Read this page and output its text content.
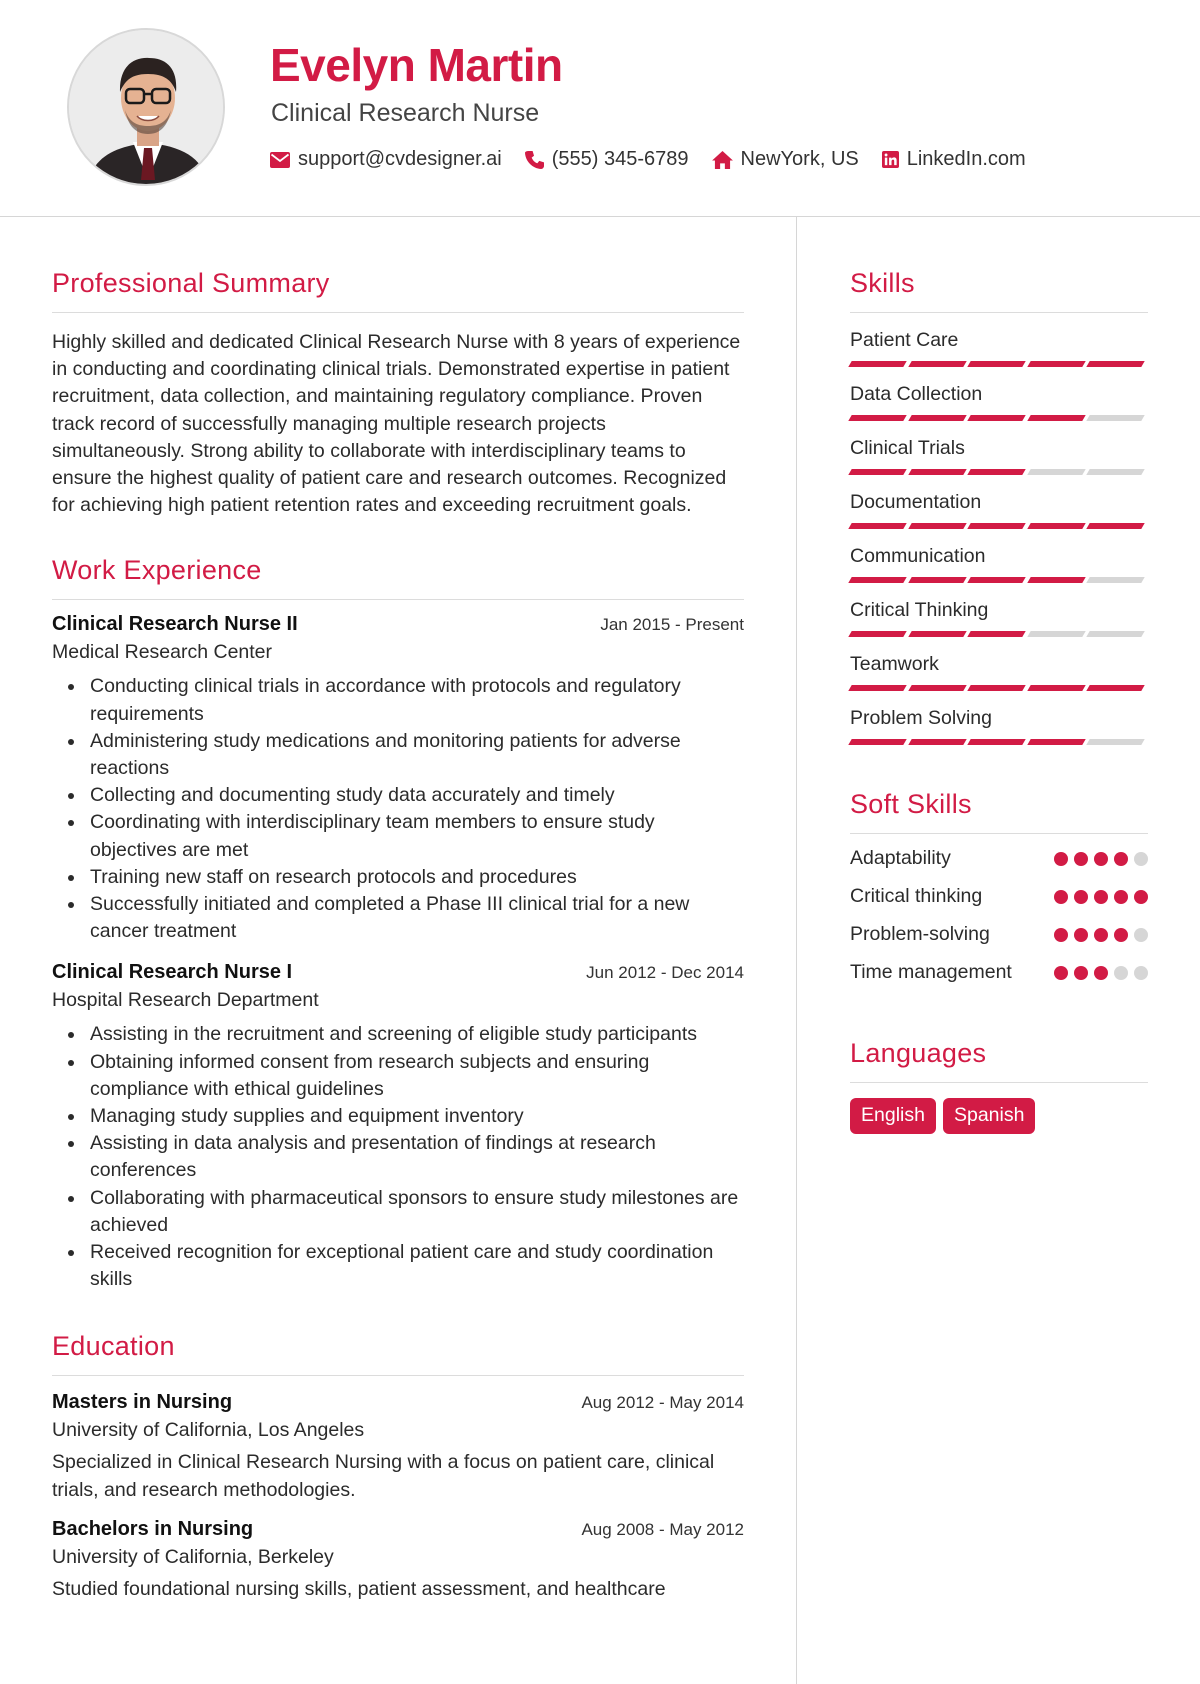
Evelyn Martin
Clinical Research Nurse
support@cvdesigner.ai	(555) 345-6789	NewYork, US LinkedIn.com
Professional Summary

Highly skilled and dedicated Clinical Research Nurse with 8 years of experience in conducting and coordinating clinical trials. Demonstrated expertise in patient recruitment, data collection, and maintaining regulatory compliance. Proven track record of successfully managing multiple research projects simultaneously. Strong ability to collaborate with interdisciplinary teams to ensure the highest quality of patient care and research outcomes. Recognized for achieving high patient retention rates and exceeding recruitment goals.

Work Experience
Clinical Research Nurse II	Jan 2015 - Present
Medical Research Center
Conducting clinical trials in accordance with protocols and regulatory requirements
Administering study medications and monitoring patients for adverse reactions
Collecting and documenting study data accurately and timely
Coordinating with interdisciplinary team members to ensure study objectives are met
Training new staff on research protocols and procedures
Successfully initiated and completed a Phase III clinical trial for a new cancer treatment
Clinical Research Nurse I	Jun 2012 - Dec 2014
Hospital Research Department
Assisting in the recruitment and screening of eligible study participants
Obtaining informed consent from research subjects and ensuring compliance with ethical guidelines
Managing study supplies and equipment inventory
Assisting in data analysis and presentation of findings at research conferences
Collaborating with pharmaceutical sponsors to ensure study milestones are achieved
Received recognition for exceptional patient care and study coordination skills
Education
Masters in Nursing	Aug 2012 - May 2014
University of California, Los Angeles

Specialized in Clinical Research Nursing with a focus on patient care, clinical trials, and research methodologies.

Bachelors in Nursing	Aug 2008 - May 2012
University of California, Berkeley

Studied foundational nursing skills, patient assessment, and healthcare

Skills
Patient Care
Data Collection
Clinical Trials
Documentation
Communication
Critical Thinking
Teamwork
Problem Solving
Soft Skills
Adaptability
Critical thinking
Problem-solving
Time management
Languages
English	Spanish
